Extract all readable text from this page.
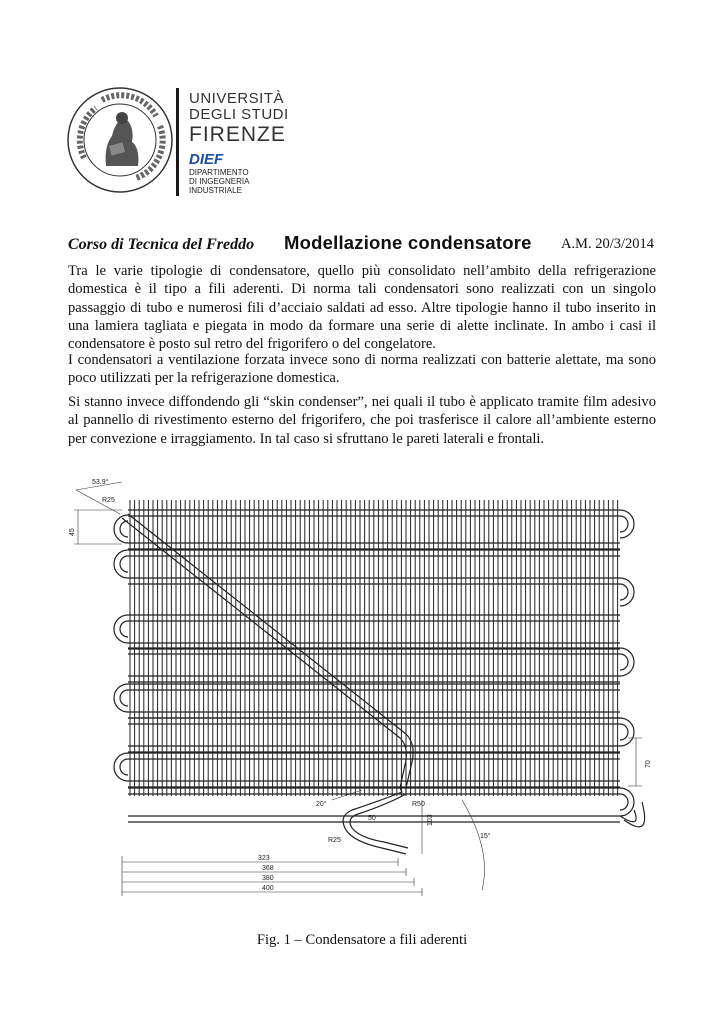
UNIVERSITÀ
DEGLI STUDI
FIRENZE
DIEF
DIPARTIMENTO
DI INGEGNERIA
INDUSTRIALE
Corso di Tecnica del Freddo Modellazione condensatore A.M. 20/3/2014

Tra le varie tipologie di condensatore, quello più consolidato nell’ambito della refrigerazione domestica è il tipo a fili aderenti. Di norma tali condensatori sono realizzati con un singolo passaggio di tubo e numerosi fili d’acciaio saldati ad esso. Altre tipologie hanno il tubo inserito in una lamiera tagliata e piegata in modo da formare una serie di alette inclinate. In ambo i casi il condensatore è posto sul retro del frigorifero o del congelatore.

I condensatori a ventilazione forzata invece sono di norma realizzati con batterie alettate, ma sono poco utilizzati per la refrigerazione domestica.

Si stanno invece diffondendo gli “skin condenser”, nei quali il tubo è applicato tramite film adesivo al pannello di rivestimento esterno del frigorifero, che poi trasferisce il calore all’ambiente esterno per convezione e irraggiamento. In tal caso si sfruttano le pareti laterali e frontali.

53.9°
R25
45
20°
50
R25
R50
103
15°
70
323
368
380
400
Fig. 1 – Condensatore a fili aderenti
